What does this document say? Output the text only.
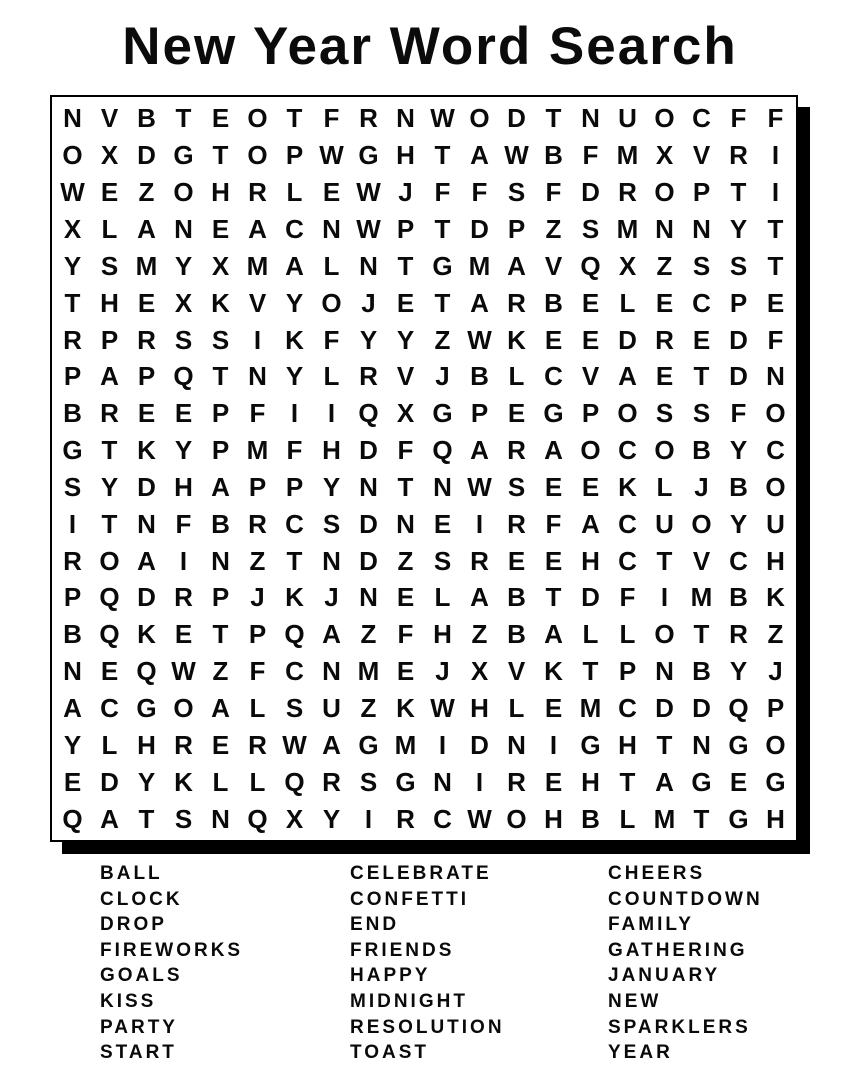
New Year Word Search
N V B T E O T F R N W O D T N U O C F F
O X D G T O P W G H T A W B F M X V R I
W E Z O H R L E W J F F S F D R O P T I
X L A N E A C N W P T D P Z S M N N Y T
Y S M Y X M A L N T G M A V Q X Z S S T
T H E X K V Y O J E T A R B E L E C P E
R P R S S I K F Y Y Z W K E E D R E D F
P A P Q T N Y L R V J B L C V A E T D N
B R E E P F I	I Q X G P E G P O S S F O
G T K Y P M F H D F Q A R A O C O B Y C
S Y D H A P P Y N T N W S E E K L J B O
I T N F B R C S D N E I R F A C U O Y U
R O A I N Z T N D Z S R E E H C T V C H
P Q D R P J K J N E L A B T D F I M B K
B Q K E T P Q A Z F H Z B A L L O T R Z
N E Q W Z F C N M E J X V K T P N B Y J
A C G O A L S U Z K W H L E M C D D Q P
Y L H R E R W A G M I D N I G H T N G O
E D Y K L L Q R S G N I R E H T A G E G
Q A T S N Q X Y I R C W O H B L M T G H
BALL
CLOCK
DROP
FIREWORKS
GOALS
KISS
PARTY
START
CELEBRATE
CONFETTI
END
FRIENDS
HAPPY
MIDNIGHT
RESOLUTION
TOAST
CHEERS
COUNTDOWN
FAMILY
GATHERING
JANUARY
NEW
SPARKLERS
YEAR
